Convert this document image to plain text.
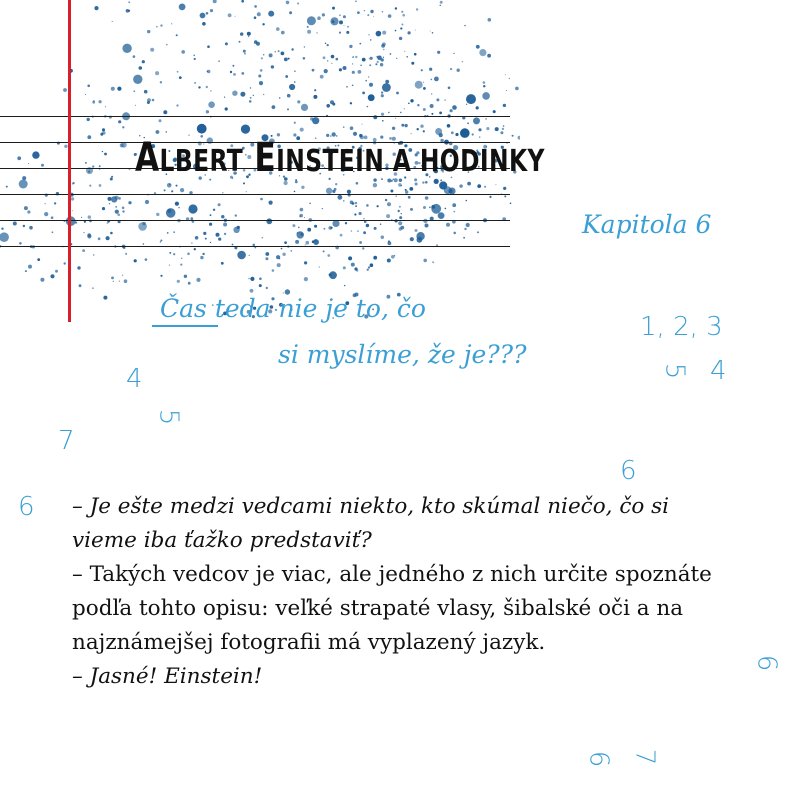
ALBERT EINSTEIN A HODINKY
Kapitola 6
Čas teda nie je to, čo
si myslíme, že je???
1, 2, 3
5 4
4
5
7
6
6
6
6 7

– Je ešte medzi vedcami niekto, kto skúmal niečo, čo si vieme iba ťažko predstaviť?

– Takých vedcov je viac, ale jedného z nich určite spoznáte podľa tohto opisu: veľké strapaté vlasy, šibalské oči a na najznámejšej fotografii má vyplazený jazyk.

– Jasné! Einstein!
